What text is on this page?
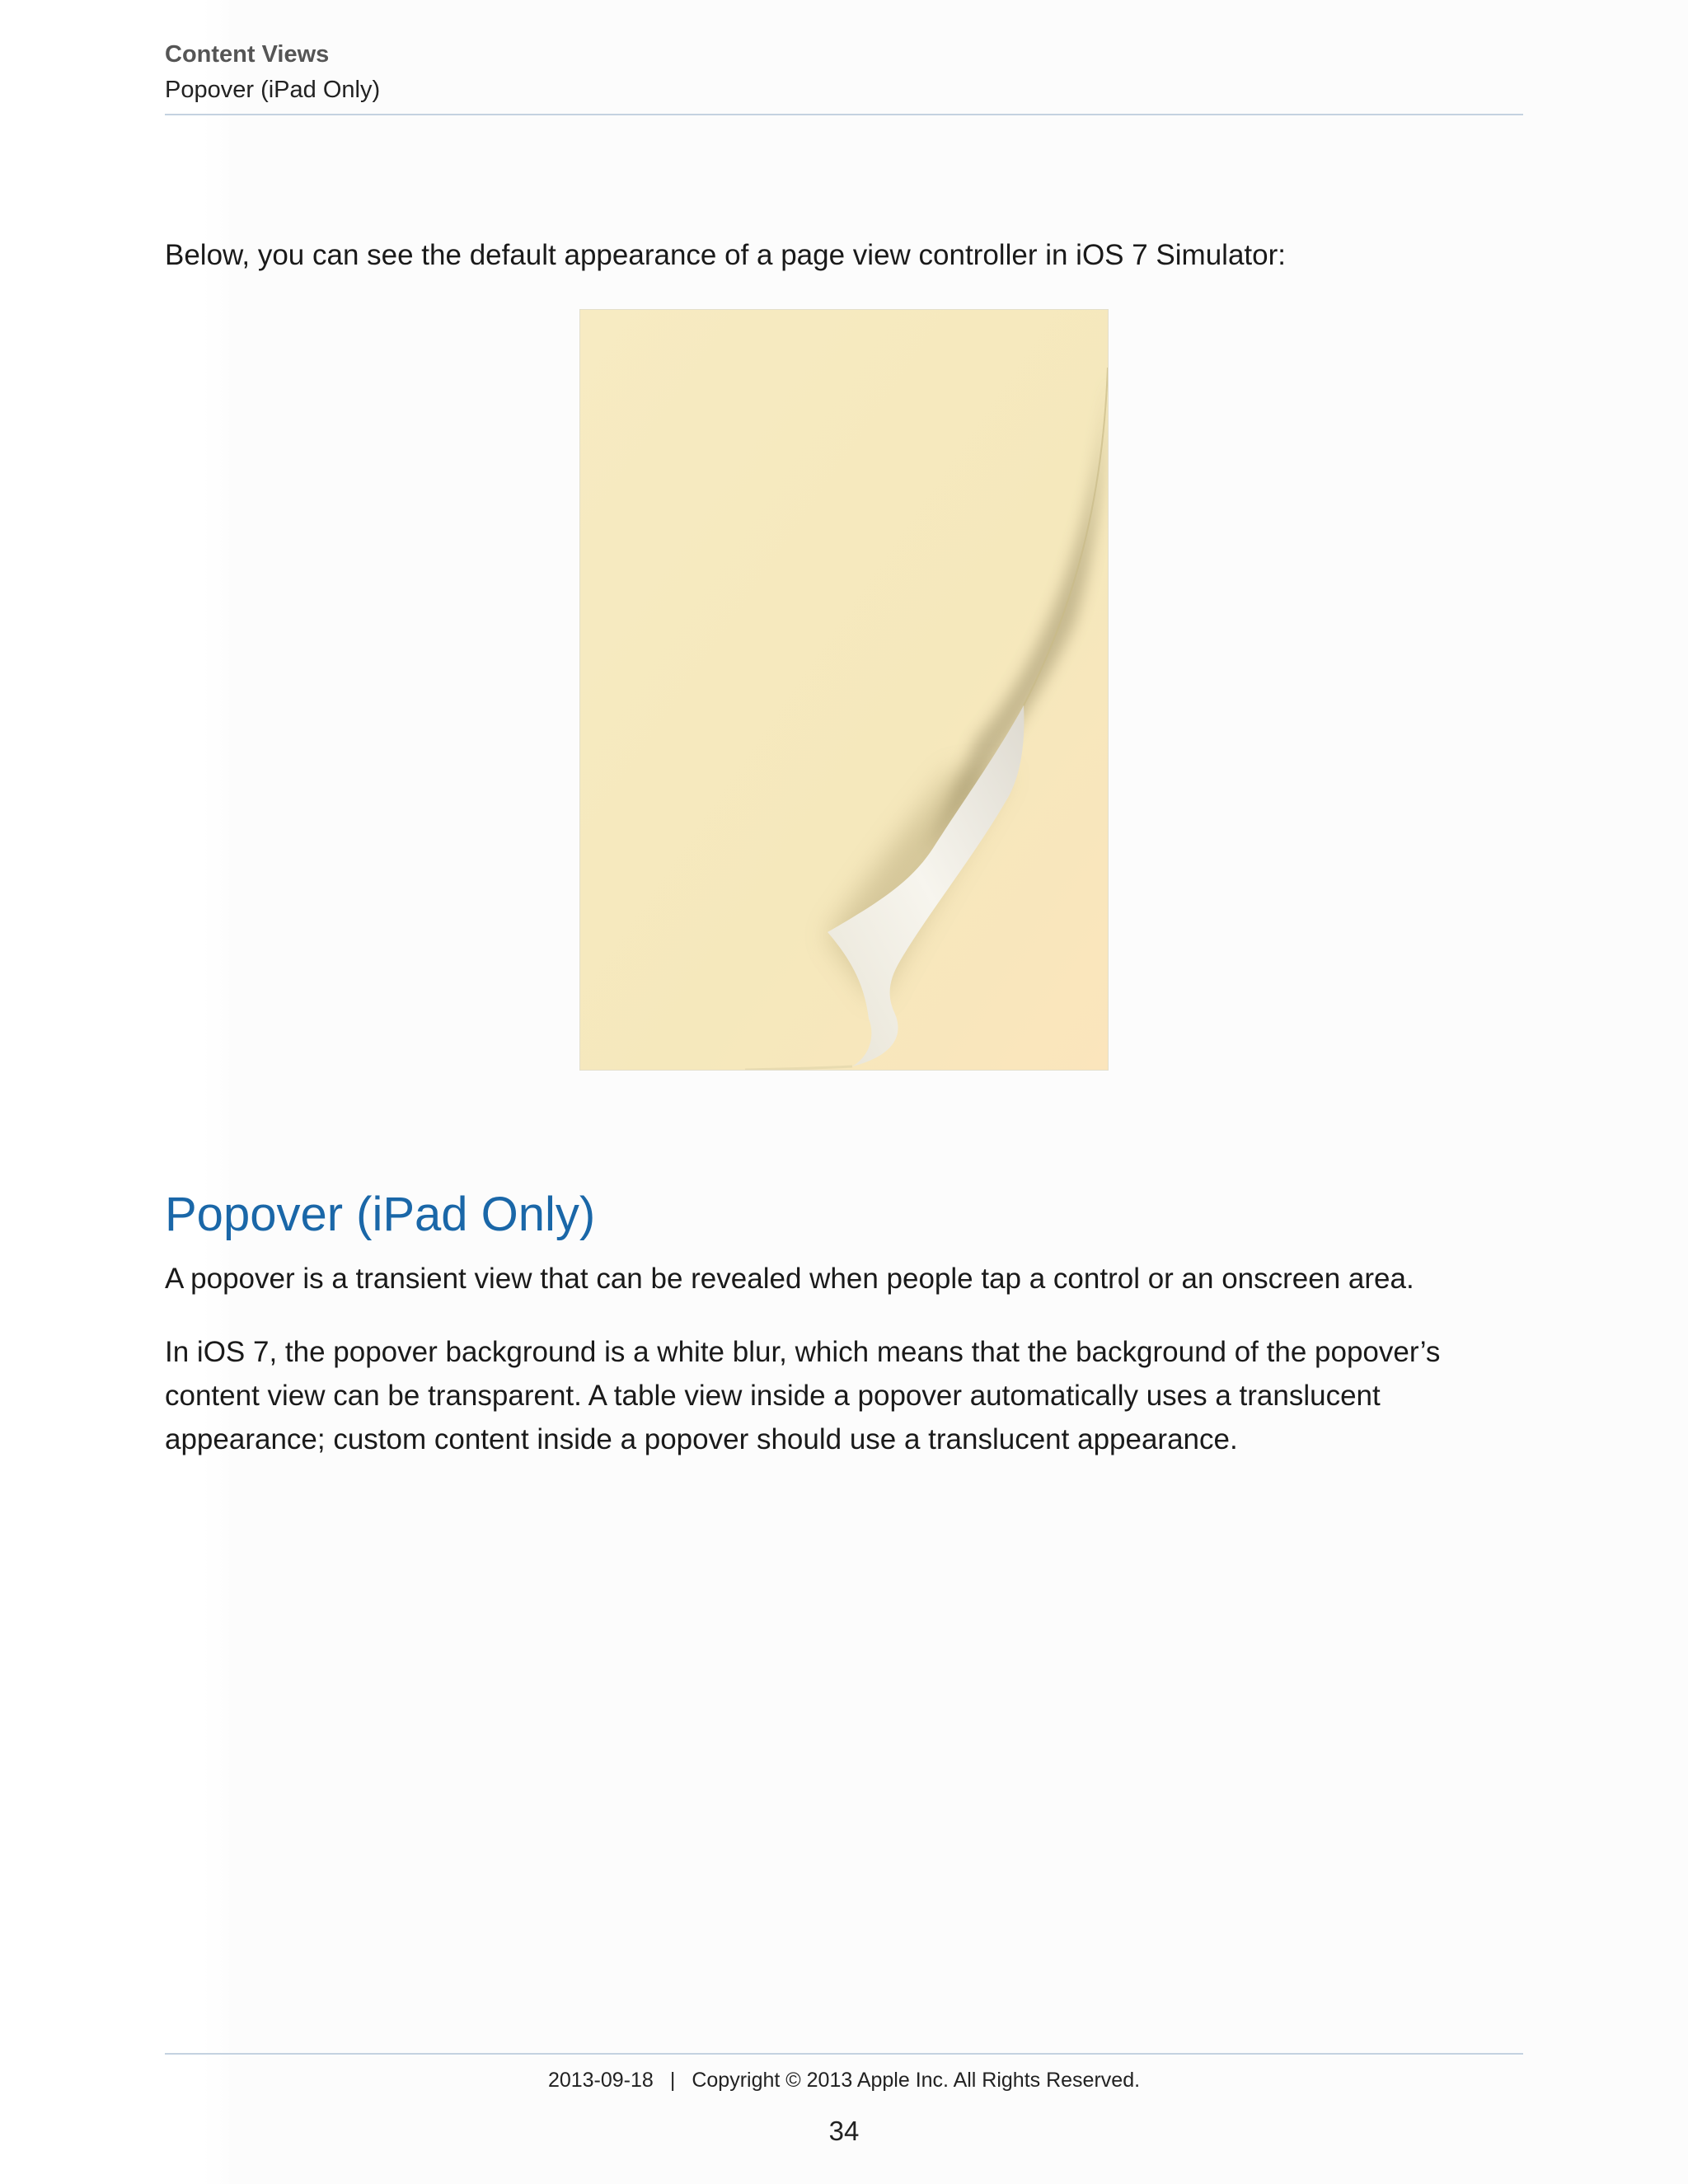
Content Views
Popover (iPad Only)
Below, you can see the default appearance of a page view controller in iOS 7 Simulator:
Popover (iPad Only)
A popover is a transient view that can be revealed when people tap a control or an onscreen area.
In iOS 7, the popover background is a white blur, which means that the background of the popover’s content view can be transparent. A table view inside a popover automatically uses a translucent appearance; custom content inside a popover should use a translucent appearance.
2013-09-18 | Copyright © 2013 Apple Inc. All Rights Reserved.
34
